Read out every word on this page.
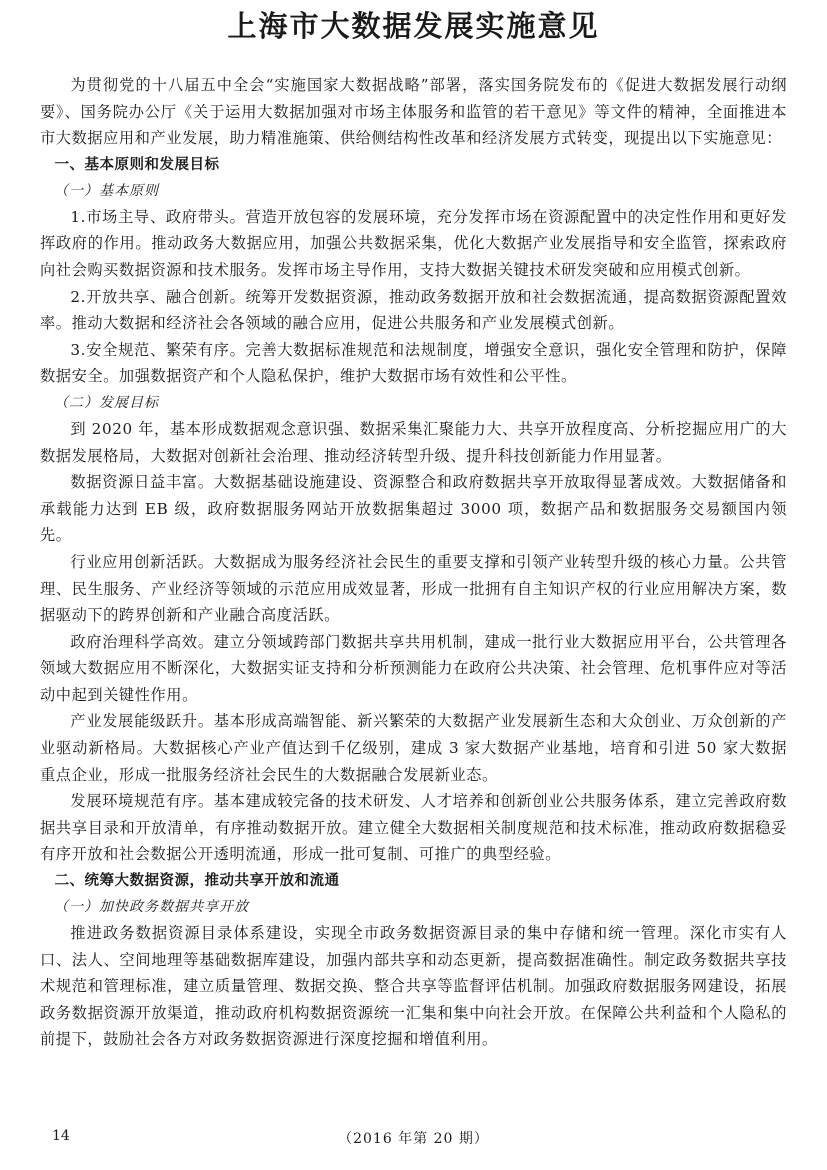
上海市大数据发展实施意见

为贯彻党的十八届五中全会“实施国家大数据战略”部署，落实国务院发布的《促进大数据发展行动纲要》、国务院办公厅《关于运用大数据加强对市场主体服务和监管的若干意见》等文件的精神，全面推进本市大数据应用和产业发展，助力精准施策、供给侧结构性改革和经济发展方式转变，现提出以下实施意见：

一、基本原则和发展目标

（一）基本原则

1.市场主导、政府带头。营造开放包容的发展环境，充分发挥市场在资源配置中的决定性作用和更好发挥政府的作用。推动政务大数据应用，加强公共数据采集，优化大数据产业发展指导和安全监管，探索政府向社会购买数据资源和技术服务。发挥市场主导作用，支持大数据关键技术研发突破和应用模式创新。

2.开放共享、融合创新。统筹开发数据资源，推动政务数据开放和社会数据流通，提高数据资源配置效率。推动大数据和经济社会各领域的融合应用，促进公共服务和产业发展模式创新。

3.安全规范、繁荣有序。完善大数据标准规范和法规制度，增强安全意识，强化安全管理和防护，保障数据安全。加强数据资产和个人隐私保护，维护大数据市场有效性和公平性。

（二）发展目标

到 2020 年，基本形成数据观念意识强、数据采集汇聚能力大、共享开放程度高、分析挖掘应用广的大数据发展格局，大数据对创新社会治理、推动经济转型升级、提升科技创新能力作用显著。

数据资源日益丰富。大数据基础设施建设、资源整合和政府数据共享开放取得显著成效。大数据储备和承载能力达到 EB 级，政府数据服务网站开放数据集超过 3000 项，数据产品和数据服务交易额国内领先。

行业应用创新活跃。大数据成为服务经济社会民生的重要支撑和引领产业转型升级的核心力量。公共管理、民生服务、产业经济等领域的示范应用成效显著，形成一批拥有自主知识产权的行业应用解决方案，数据驱动下的跨界创新和产业融合高度活跃。

政府治理科学高效。建立分领域跨部门数据共享共用机制，建成一批行业大数据应用平台，公共管理各领域大数据应用不断深化，大数据实证支持和分析预测能力在政府公共决策、社会管理、危机事件应对等活动中起到关键性作用。

产业发展能级跃升。基本形成高端智能、新兴繁荣的大数据产业发展新生态和大众创业、万众创新的产业驱动新格局。大数据核心产业产值达到千亿级别，建成 3 家大数据产业基地，培育和引进 50 家大数据重点企业，形成一批服务经济社会民生的大数据融合发展新业态。

发展环境规范有序。基本建成较完备的技术研发、人才培养和创新创业公共服务体系，建立完善政府数据共享目录和开放清单，有序推动数据开放。建立健全大数据相关制度规范和技术标准，推动政府数据稳妥有序开放和社会数据公开透明流通，形成一批可复制、可推广的典型经验。

二、统筹大数据资源，推动共享开放和流通

（一）加快政务数据共享开放

推进政务数据资源目录体系建设，实现全市政务数据资源目录的集中存储和统一管理。深化市实有人口、法人、空间地理等基础数据库建设，加强内部共享和动态更新，提高数据准确性。制定政务数据共享技术规范和管理标准，建立质量管理、数据交换、整合共享等监督评估机制。加强政府数据服务网建设，拓展政务数据资源开放渠道，推动政府机构数据资源统一汇集和集中向社会开放。在保障公共利益和个人隐私的前提下，鼓励社会各方对政务数据资源进行深度挖掘和增值利用。

14	（2016 年第 20 期）
